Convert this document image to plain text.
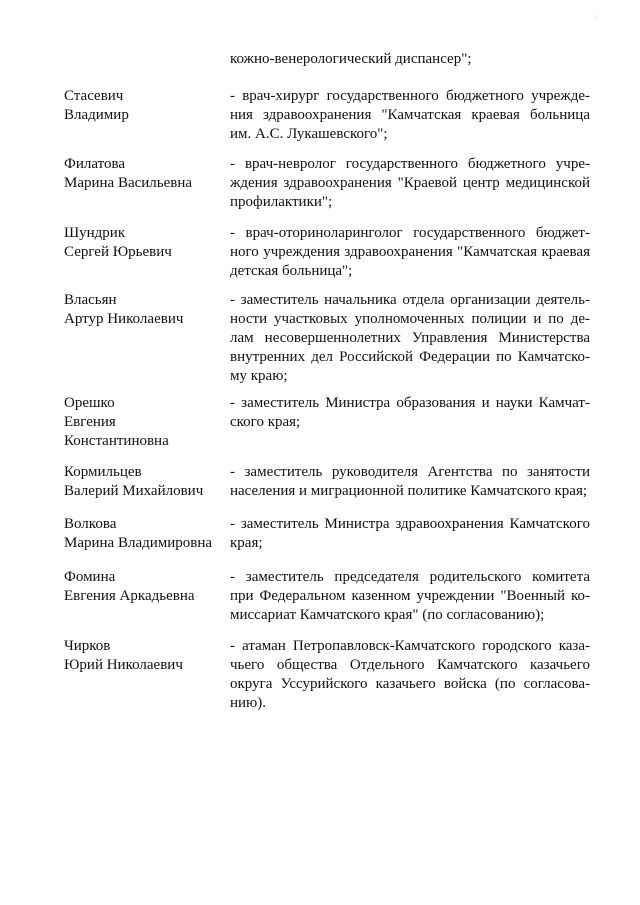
·
кожно-венерологический диспансер";
Стасевич
Владимир
- врач-хирург государственного бюджетного учрежде-
ния здравоохранения "Камчатская краевая больница
им. А.С. Лукашевского";
Филатова
Марина Васильевна
- врач-невролог государственного бюджетного учре-
ждения здравоохранения "Краевой центр медицинской
профилактики";
Шундрик
Сергей Юрьевич
- врач-оториноларинголог государственного бюджет-
ного учреждения здравоохранения "Камчатская краевая
детская больница";
Власьян
Артур Николаевич
- заместитель начальника отдела организации деятель-
ности участковых уполномоченных полиции и по де-
лам несовершеннолетних Управления Министерства
внутренних дел Российской Федерации по Камчатско-
му краю;
Орешко
Евгения
Константиновна
- заместитель Министра образования и науки Камчат-
ского края;
Кормильцев
Валерий Михайлович
- заместитель руководителя Агентства по занятости
населения и миграционной политике Камчатского края;
Волкова
Марина Владимировна
- заместитель Министра здравоохранения Камчатского
края;
Фомина
Евгения Аркадьевна
- заместитель председателя родительского комитета
при Федеральном казенном учреждении "Военный ко-
миссариат Камчатского края" (по согласованию);
Чирков
Юрий Николаевич
- атаман Петропавловск-Камчатского городского каза-
чьего общества Отдельного Камчатского казачьего
округа Уссурийского казачьего войска (по согласова-
нию).
